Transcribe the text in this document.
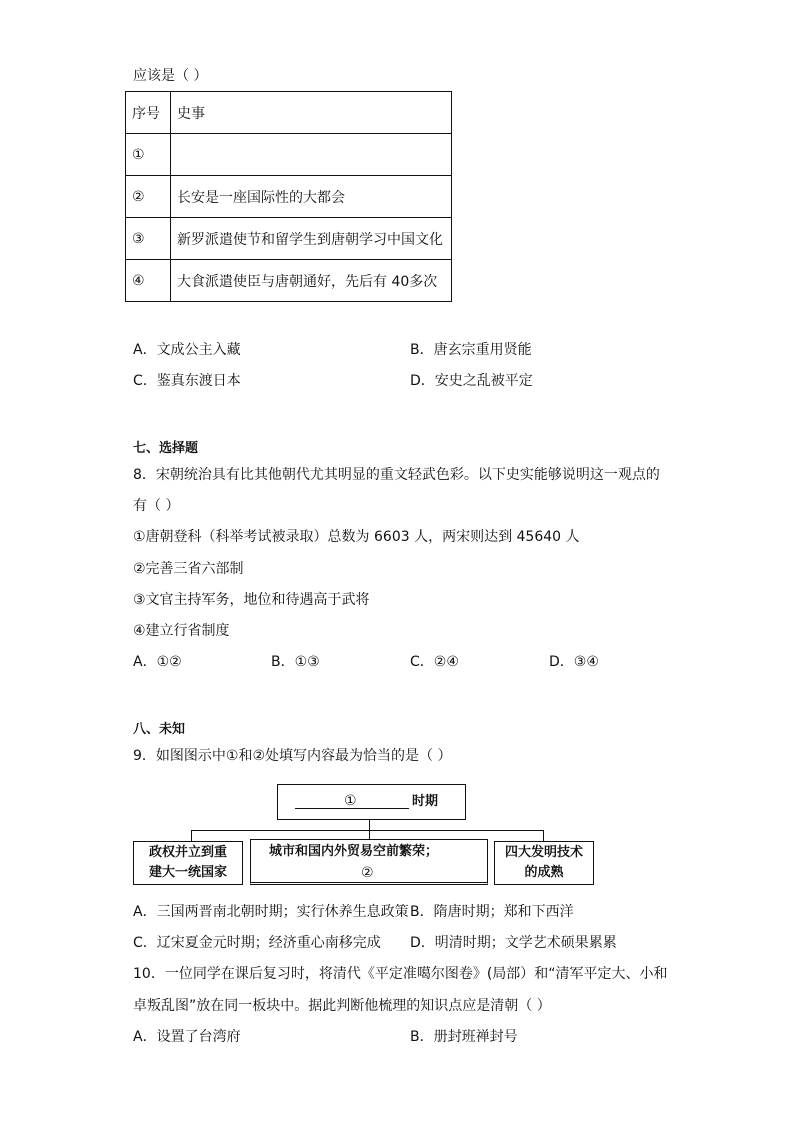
应该是（ ）
序号	史事
①	
②	长安是一座国际性的大都会
③	新罗派遣使节和留学生到唐朝学习中国文化
④	大食派遣使臣与唐朝通好，先后有 40多次
A．文成公主入藏	B．唐玄宗重用贤能
C．鉴真东渡日本	D．安史之乱被平定
七、选择题
8．宋朝统治具有比其他朝代尤其明显的重文轻武色彩。以下史实能够说明这一观点的
有（ ）
①唐朝登科（科举考试被录取）总数为 6603 人，两宋则达到 45640 人
②完善三省六部制
③文官主持军务，地位和待遇高于武将
④建立行省制度
A．①②	B．①③	C．②④	D．③④
八、未知
9．如图图示中①和②处填写内容最为恰当的是（ ）
①	时期
政权并立到重
建大一统国家
城市和国内外贸易空前繁荣；
②
四大发明技术
的成熟
A．三国两晋南北朝时期；实行休养生息政策 B．隋唐时期；郑和下西洋
C．辽宋夏金元时期；经济重心南移完成 D．明清时期；文学艺术硕果累累
10．一位同学在课后复习时，将清代《平定准噶尔图卷》(局部）和“清军平定大、小和
卓叛乱图”放在同一板块中。据此判断他梳理的知识点应是清朝（ ）
A．设置了台湾府	B．册封班禅封号
